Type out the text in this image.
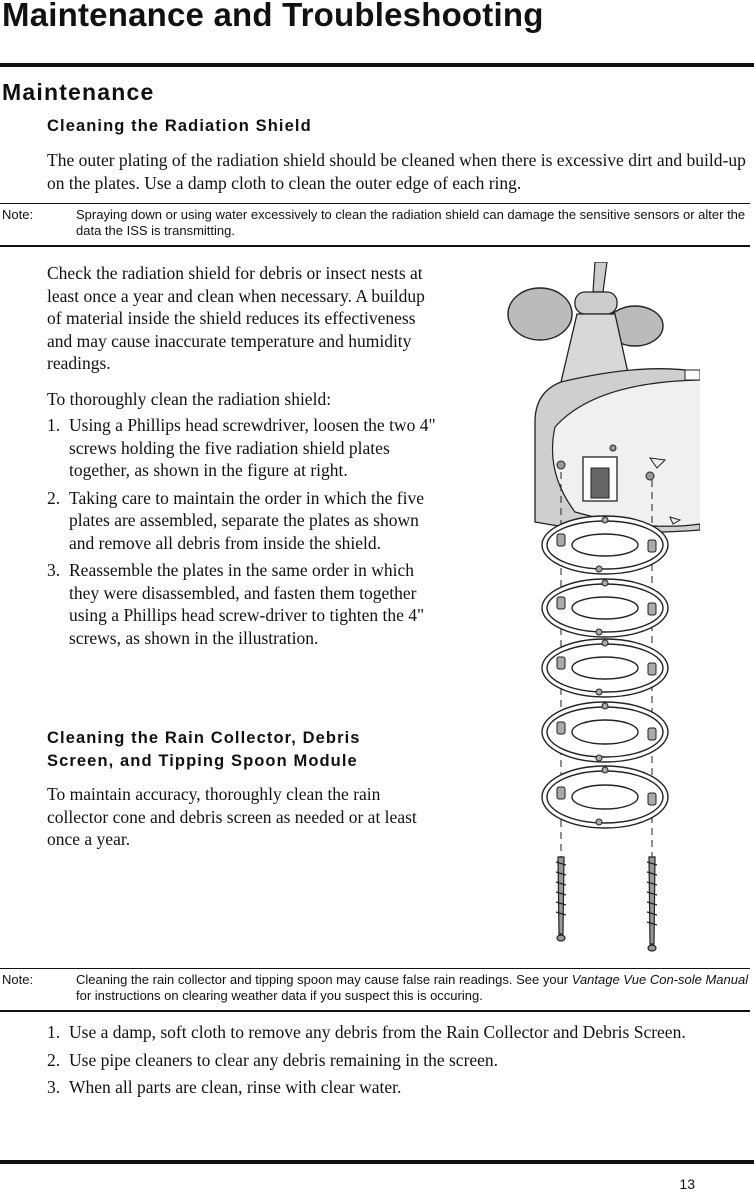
Maintenance and Troubleshooting
Maintenance
Cleaning the Radiation Shield
The outer plating of the radiation shield should be cleaned when there is excessive dirt and build-up on the plates. Use a damp cloth to clean the outer edge of each ring.
Note:	Spraying down or using water excessively to clean the radiation shield can damage the sensitive sensors or alter the data the ISS is transmitting.
Check the radiation shield for debris or insect nests at least once a year and clean when necessary. A buildup of material inside the shield reduces its effectiveness and may cause inaccurate temperature and humidity readings.
To thoroughly clean the radiation shield:
1. Using a Phillips head screwdriver, loosen the two 4" screws holding the five radiation shield plates together, as shown in the figure at right.
2. Taking care to maintain the order in which the five plates are assembled, separate the plates as shown and remove all debris from inside the shield.
3. Reassemble the plates in the same order in which they were disassembled, and fasten them together using a Phillips head screw-driver to tighten the 4" screws, as shown in the illustration.
Cleaning the Rain Collector, Debris Screen, and Tipping Spoon Module
To maintain accuracy, thoroughly clean the rain collector cone and debris screen as needed or at least once a year.
Note:	Cleaning the rain collector and tipping spoon may cause false rain readings. See your Vantage Vue Con-sole Manual for instructions on clearing weather data if you suspect this is occuring.
1. Use a damp, soft cloth to remove any debris from the Rain Collector and Debris Screen.
2. Use pipe cleaners to clear any debris remaining in the screen.
3. When all parts are clean, rinse with clear water.
13
